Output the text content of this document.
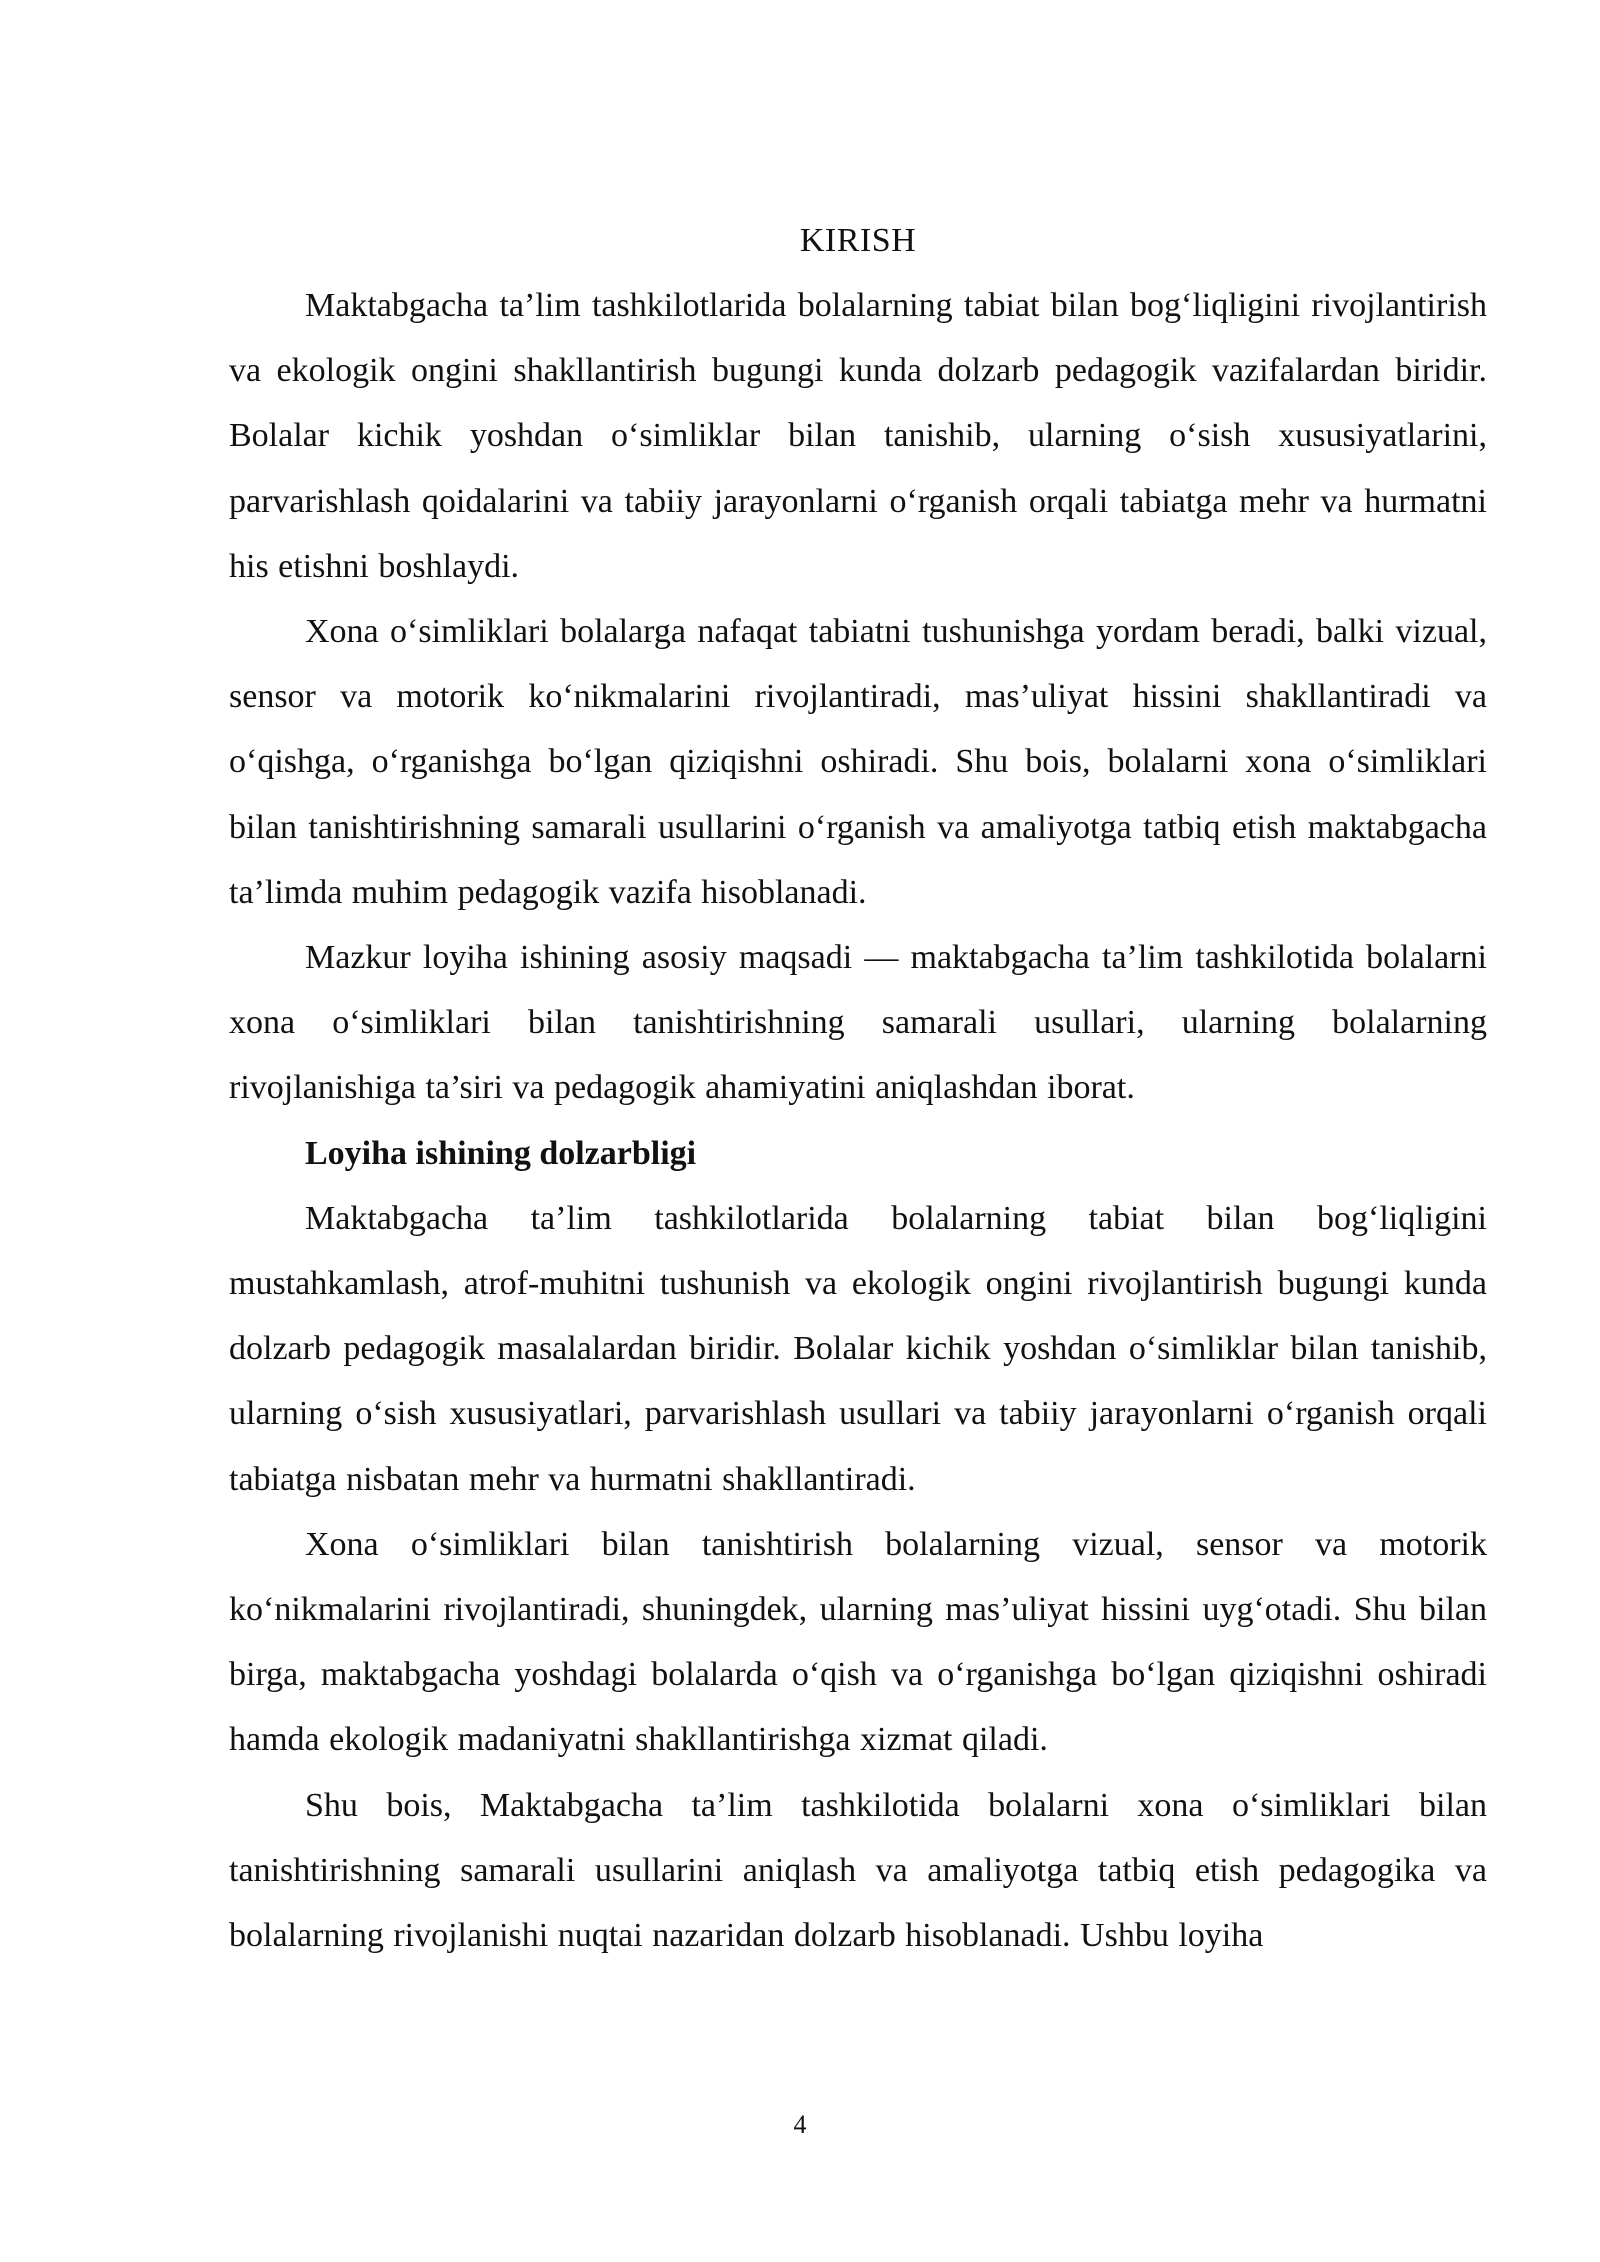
KIRISH

Maktabgacha ta’lim tashkilotlarida bolalarning tabiat bilan bog‘liqligini rivojlantirish va ekologik ongini shakllantirish bugungi kunda dolzarb pedagogik vazifalardan biridir. Bolalar kichik yoshdan o‘simliklar bilan tanishib, ularning o‘sish xususiyatlarini, parvarishlash qoidalarini va tabiiy jarayonlarni o‘rganish orqali tabiatga mehr va hurmatni his etishni boshlaydi.

Xona o‘simliklari bolalarga nafaqat tabiatni tushunishga yordam beradi, balki vizual, sensor va motorik ko‘nikmalarini rivojlantiradi, mas’uliyat hissini shakllantiradi va o‘qishga, o‘rganishga bo‘lgan qiziqishni oshiradi. Shu bois, bolalarni xona o‘simliklari bilan tanishtirishning samarali usullarini o‘rganish va amaliyotga tatbiq etish maktabgacha ta’limda muhim pedagogik vazifa hisoblanadi.

Mazkur loyiha ishining asosiy maqsadi — maktabgacha ta’lim tashkilotida bolalarni xona o‘simliklari bilan tanishtirishning samarali usullari, ularning bolalarning rivojlanishiga ta’siri va pedagogik ahamiyatini aniqlashdan iborat.

Loyiha ishining dolzarbligi

Maktabgacha ta’lim tashkilotlarida bolalarning tabiat bilan bog‘liqligini mustahkamlash, atrof-muhitni tushunish va ekologik ongini rivojlantirish bugungi kunda dolzarb pedagogik masalalardan biridir. Bolalar kichik yoshdan o‘simliklar bilan tanishib, ularning o‘sish xususiyatlari, parvarishlash usullari va tabiiy jarayonlarni o‘rganish orqali tabiatga nisbatan mehr va hurmatni shakllantiradi.

Xona o‘simliklari bilan tanishtirish bolalarning vizual, sensor va motorik ko‘nikmalarini rivojlantiradi, shuningdek, ularning mas’uliyat hissini uyg‘otadi. Shu bilan birga, maktabgacha yoshdagi bolalarda o‘qish va o‘rganishga bo‘lgan qiziqishni oshiradi hamda ekologik madaniyatni shakllantirishga xizmat qiladi.

Shu bois, Maktabgacha ta’lim tashkilotida bolalarni xona o‘simliklari bilan tanishtirishning samarali usullarini aniqlash va amaliyotga tatbiq etish pedagogika va bolalarning rivojlanishi nuqtai nazaridan dolzarb hisoblanadi. Ushbu loyiha

4
